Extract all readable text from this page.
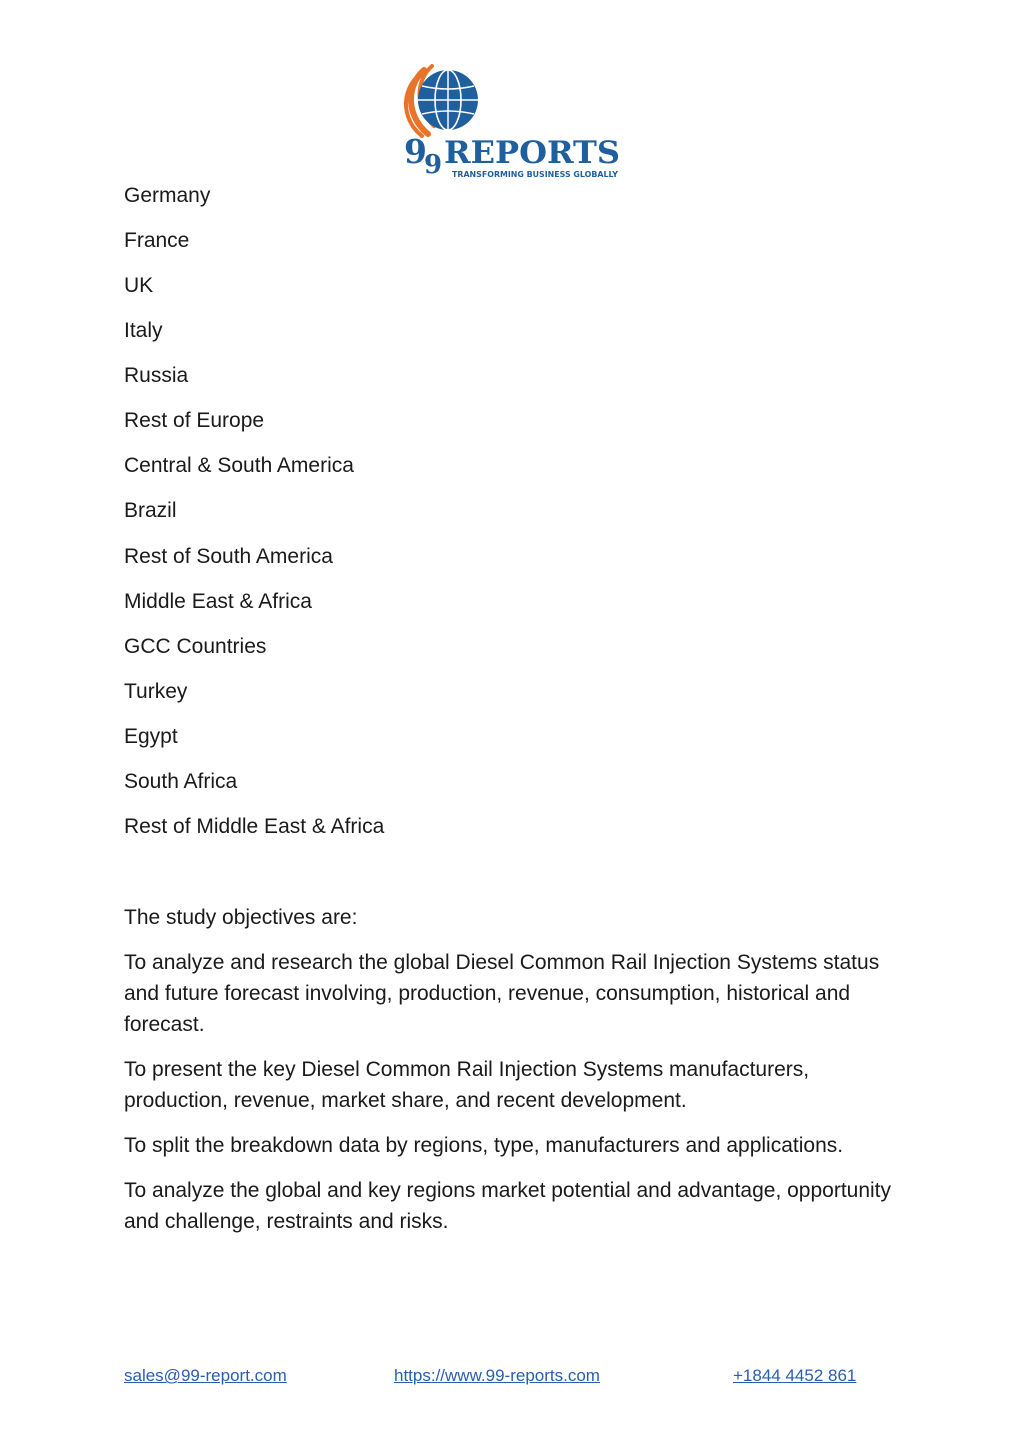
9
9 REPORTS
TRANSFORMING BUSINESS GLOBALLY
Germany
France
UK
Italy
Russia
Rest of Europe
Central & South America
Brazil
Rest of South America
Middle East & Africa
GCC Countries
Turkey
Egypt
South Africa
Rest of Middle East & Africa

The study objectives are:

To analyze and research the global Diesel Common Rail Injection Systems status and future forecast involving, production, revenue, consumption, historical and forecast.

To present the key Diesel Common Rail Injection Systems manufacturers, production, revenue, market share, and recent development.

To split the breakdown data by regions, type, manufacturers and applications.

To analyze the global and key regions market potential and advantage, opportunity and challenge, restraints and risks.

sales@99-report.com	https://www.99-reports.com	+1844 4452 861
